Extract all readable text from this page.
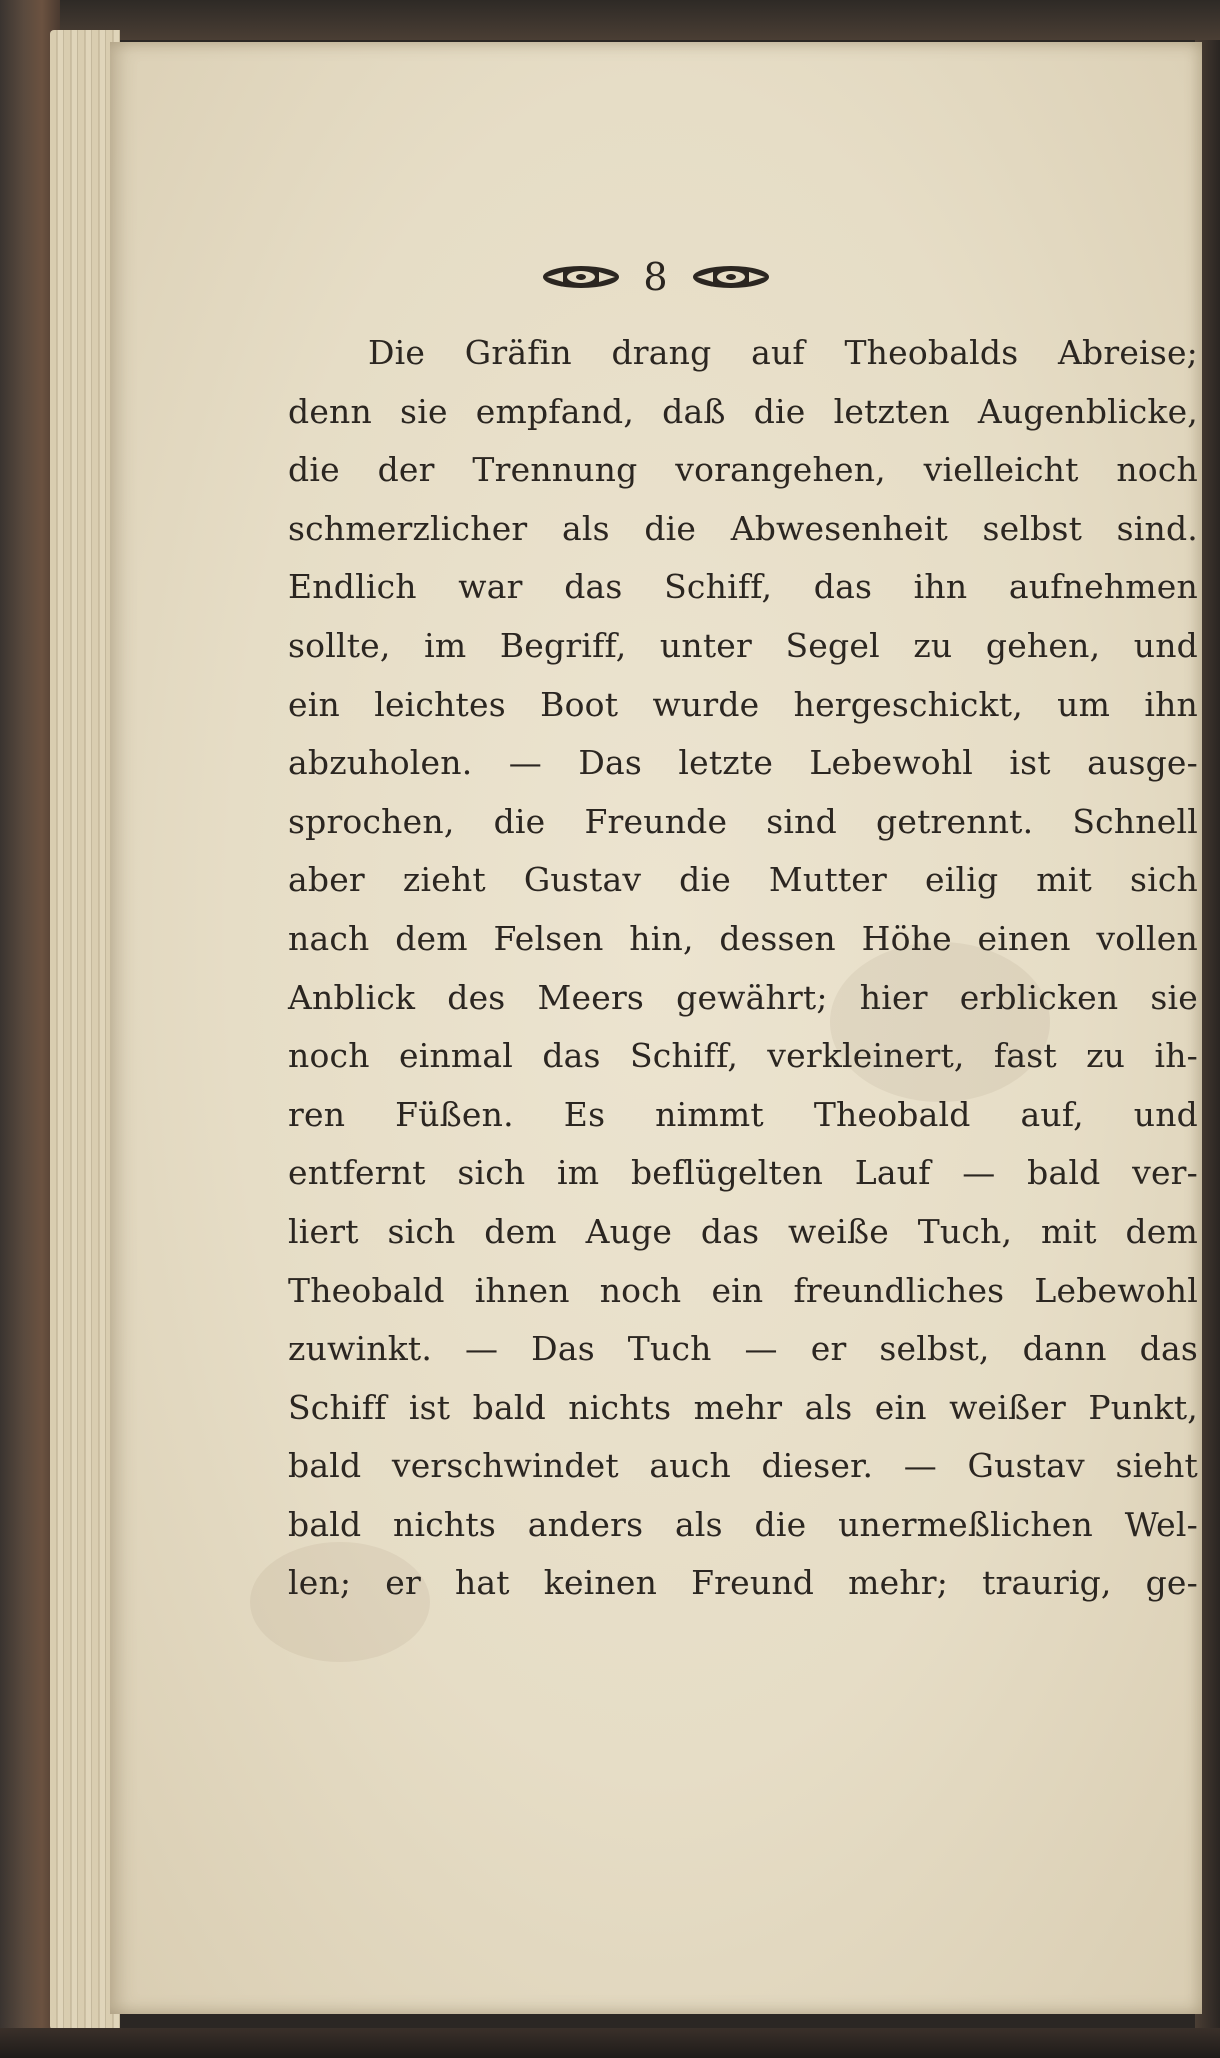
8
Die Gräfin drang auf Theobalds Abreise;
denn sie empfand, daß die letzten Augenblicke,
die der Trennung vorangehen, vielleicht noch
schmerzlicher als die Abwesenheit selbst sind.
Endlich war das Schiff, das ihn aufnehmen
sollte, im Begriff, unter Segel zu gehen, und
ein leichtes Boot wurde hergeschickt, um ihn
abzuholen. — Das letzte Lebewohl ist ausge-
sprochen, die Freunde sind getrennt. Schnell
aber zieht Gustav die Mutter eilig mit sich
nach dem Felsen hin, dessen Höhe einen vollen
Anblick des Meers gewährt; hier erblicken sie
noch einmal das Schiff, verkleinert, fast zu ih-
ren Füßen. Es nimmt Theobald auf, und
entfernt sich im beflügelten Lauf — bald ver-
liert sich dem Auge das weiße Tuch, mit dem
Theobald ihnen noch ein freundliches Lebewohl
zuwinkt. — Das Tuch — er selbst, dann das
Schiff ist bald nichts mehr als ein weißer Punkt,
bald verschwindet auch dieser. — Gustav sieht
bald nichts anders als die unermeßlichen Wel-
len; er hat keinen Freund mehr; traurig, ge-
